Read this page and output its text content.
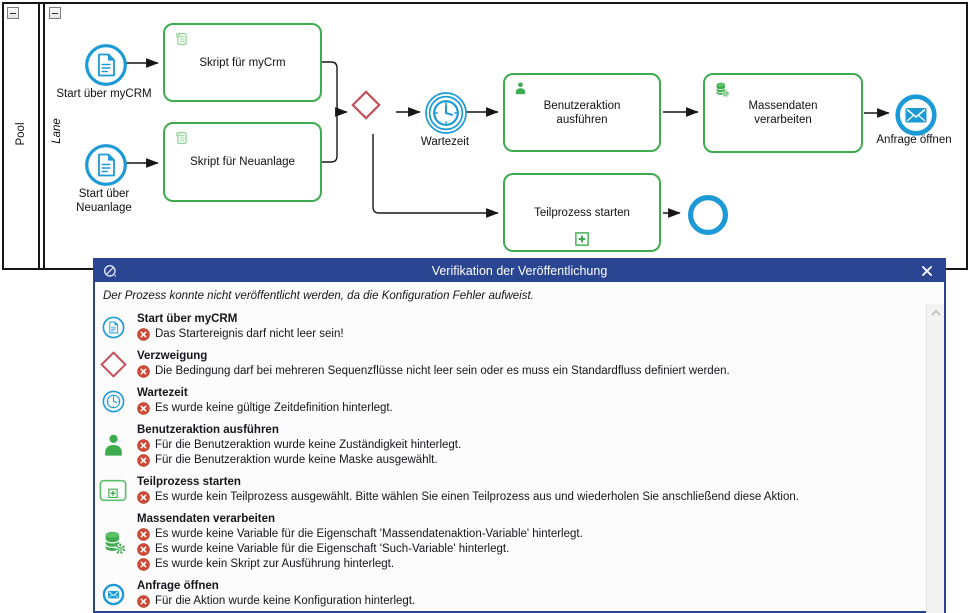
Pool Lane
Skript für myCrm
Skript für Neuanlage
Benutzeraktion ausführen
Massendaten verarbeiten
Teilprozess starten
Start über myCRM
Start über Neuanlage
Wartezeit	Anfrage öffnen
Verifikation der Veröffentlichung
Der Prozess konnte nicht veröffentlicht werden, da die Konfiguration Fehler aufweist.
Start über myCRM
Das Startereignis darf nicht leer sein!
Verzweigung
Die Bedingung darf bei mehreren Sequenzflüsse nicht leer sein oder es muss ein Standardfluss definiert werden.
Wartezeit
Es wurde keine gültige Zeitdefinition hinterlegt.
Benutzeraktion ausführen
Für die Benutzeraktion wurde keine Zuständigkeit hinterlegt.
Für die Benutzeraktion wurde keine Maske ausgewählt.
Teilprozess starten
Es wurde kein Teilprozess ausgewählt. Bitte wählen Sie einen Teilprozess aus und wiederholen Sie anschließend diese Aktion.
Massendaten verarbeiten
Es wurde keine Variable für die Eigenschaft 'Massendatenaktion-Variable' hinterlegt.
Es wurde keine Variable für die Eigenschaft 'Such-Variable' hinterlegt.
Es wurde kein Skript zur Ausführung hinterlegt.
Anfrage öffnen
Für die Aktion wurde keine Konfiguration hinterlegt.
